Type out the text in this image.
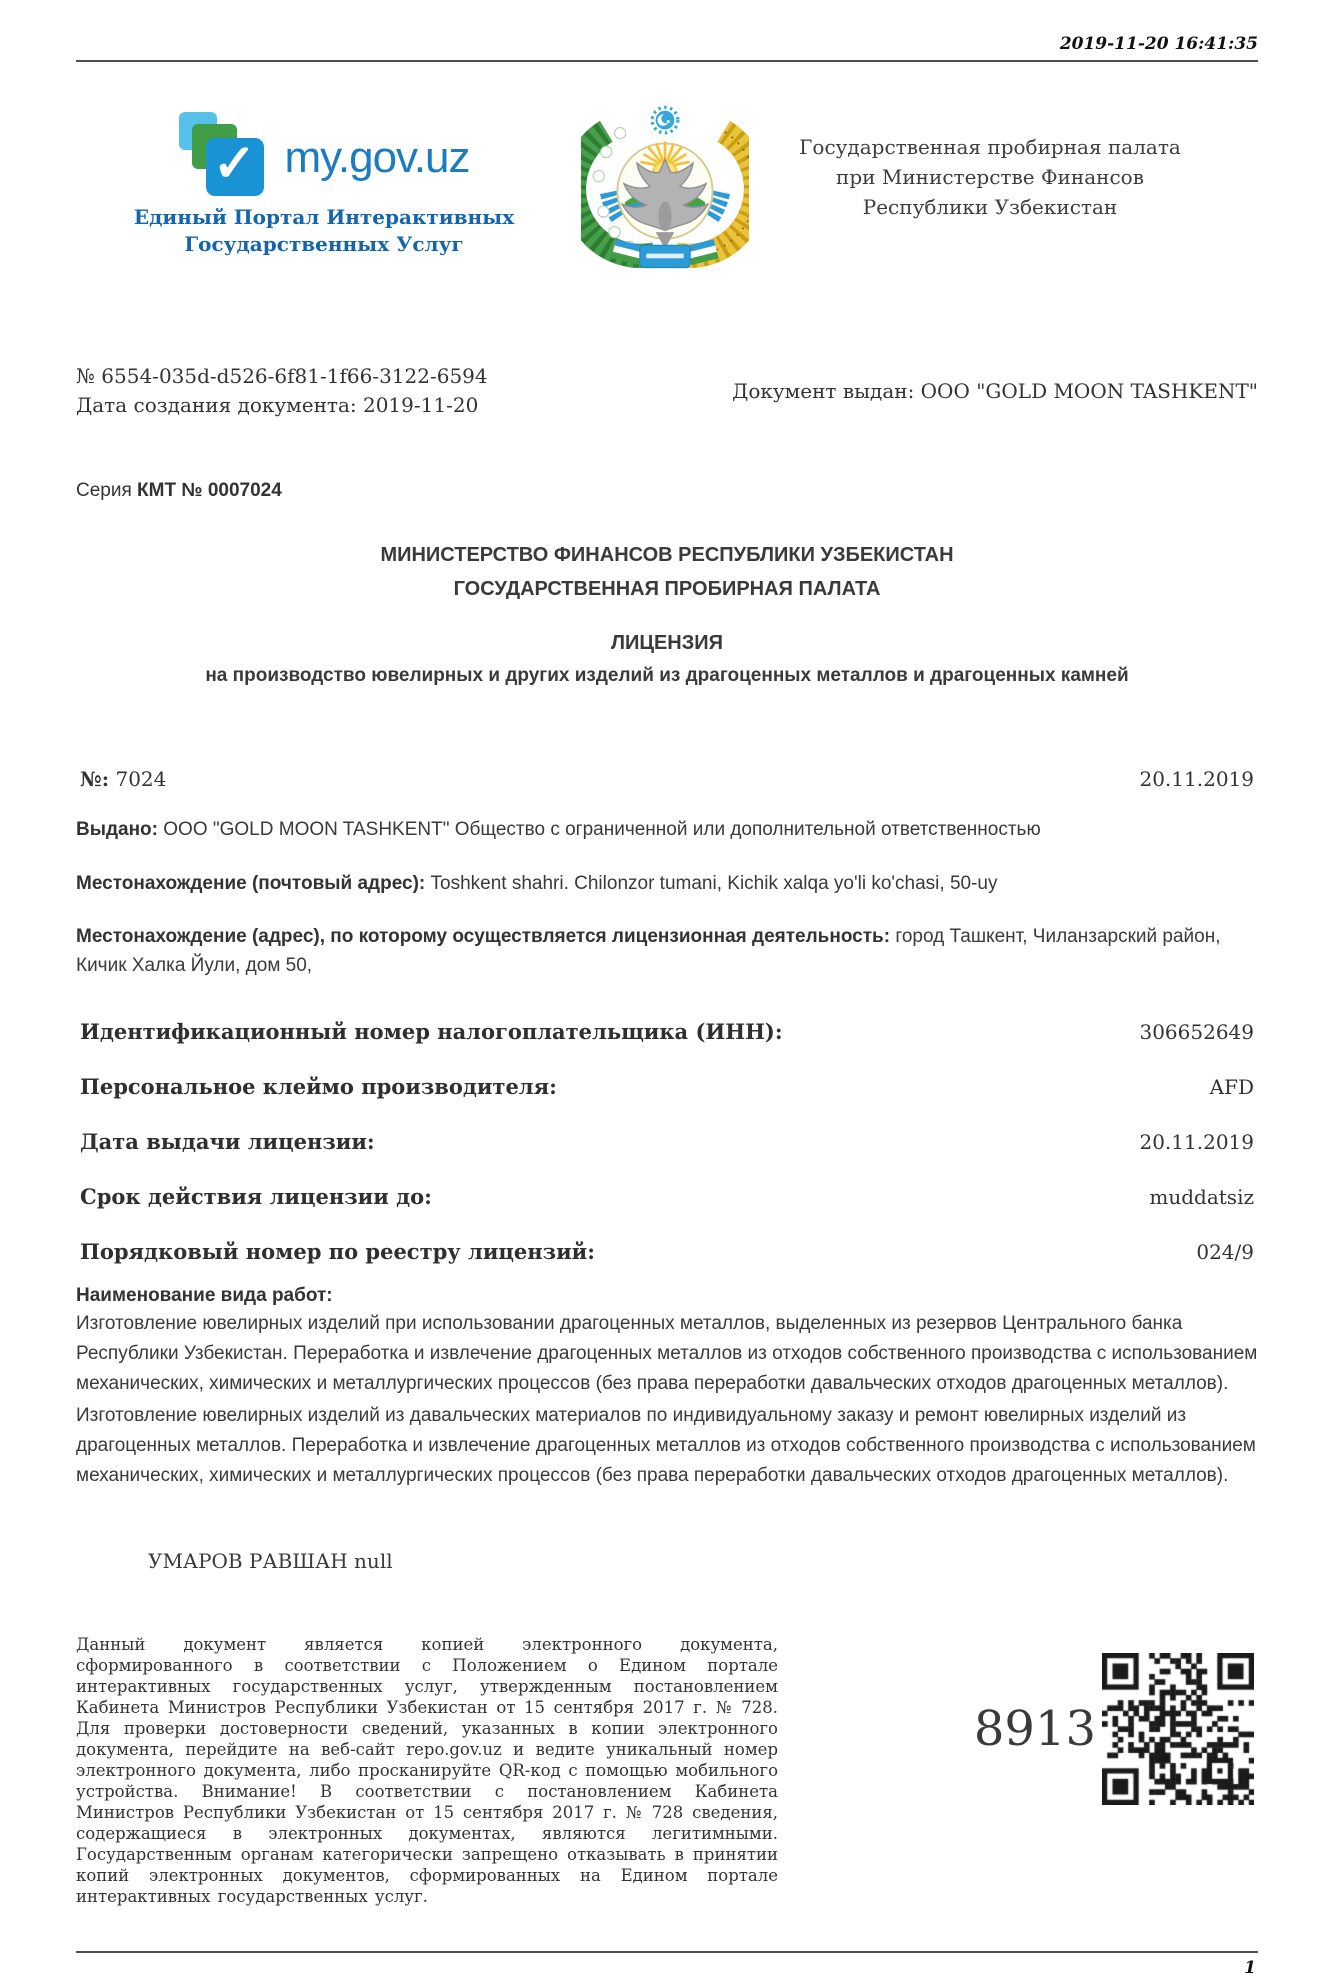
2019-11-20 16:41:35
✓ my.gov.uz
Единый Портал Интерактивных
Государственных Услуг
Государственная пробирная палата
при Министерстве Финансов
Республики Узбекистан
№ 6554-035d-d526-6f81-1f66-3122-6594
Дата создания документа: 2019-11-20
Документ выдан: ООО "GOLD MOON TASHKENT"
Серия КМТ № 0007024
МИНИСТЕРСТВО ФИНАНСОВ РЕСПУБЛИКИ УЗБЕКИСТАН
ГОСУДАРСТВЕННАЯ ПРОБИРНАЯ ПАЛАТА
ЛИЦЕНЗИЯ
на производство ювелирных и других изделий из драгоценных металлов и драгоценных камней
№: 7024	20.11.2019
Выдано: ООО "GOLD MOON TASHKENT" Общество с ограниченной или дополнительной ответственностью
Местонахождение (почтовый адрес): Toshkent shahri. Chilonzor tumani, Kichik xalqa yo'li ko'chasi, 50-uy
Местонахождение (адрес), по которому осуществляется лицензионная деятельность: город Ташкент, Чиланзарский район, Кичик Халка Йули, дом 50,
Идентификационный номер налогоплательщика (ИНН):	306652649
Персональное клеймо производителя:	AFD
Дата выдачи лицензии:	20.11.2019
Срок действия лицензии до:	muddatsiz
Порядковый номер по реестру лицензий:	024/9
Наименование вида работ:
Изготовление ювелирных изделий при использовании драгоценных металлов, выделенных из резервов Центрального банка Республики Узбекистан. Переработка и извлечение драгоценных металлов из отходов собственного производства с использованием механических, химических и металлургических процессов (без права переработки давальческих отходов драгоценных металлов).
Изготовление ювелирных изделий из давальческих материалов по индивидуальному заказу и ремонт ювелирных изделий из драгоценных металлов. Переработка и извлечение драгоценных металлов из отходов собственного производства с использованием механических, химических и металлургических процессов (без права переработки давальческих отходов драгоценных металлов).
УМАРОВ РАВШАН null
Данный документ является копией электронного документа, сформированного в соответствии с Положением о Едином портале интерактивных государственных услуг, утвержденным постановлением Кабинета Министров Республики Узбекистан от 15 сентября 2017 г. № 728. Для проверки достоверности сведений, указанных в копии электронного документа, перейдите на веб-сайт repo.gov.uz и ведите уникальный номер электронного документа, либо просканируйте QR-код с помощью мобильного устройства. Внимание! В соответствии с постановлением Кабинета Министров Республики Узбекистан от 15 сентября 2017 г. № 728 сведения, содержащиеся в электронных документах, являются легитимными. Государственным органам категорически запрещено отказывать в принятии копий электронных документов, сформированных на Едином портале интерактивных государственных услуг.
8913
1
